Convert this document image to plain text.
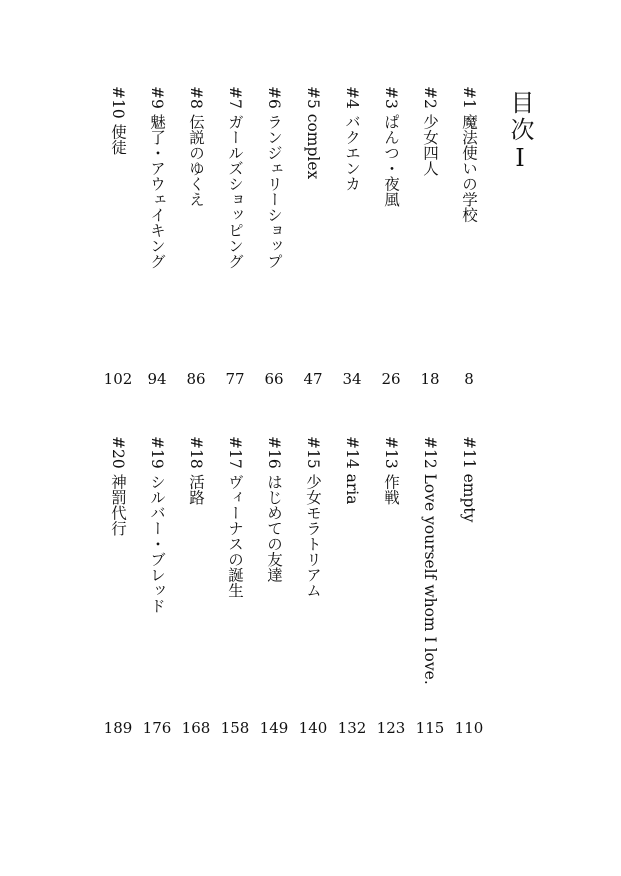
目次Ⅰ
#1 魔法使いの学校
#2 少女四人
#3 ぱんつ・夜風
#4 バクエンカ
#5 complex
#6 ランジェリーショップ
#7 ガールズショッピング
#8 伝説のゆくえ
#9 魅了・アウェイキング
#10 使徒
8
18
26
34
47
66
77
86
94
102
#11 empty
#12 Love yourself whom I love.
#13 作戦
#14 aria
#15 少女モラトリアム
#16 はじめての友達
#17 ヴィーナスの誕生
#18 活路
#19 シルバー・ブレッド
#20 神罰代行
110
115
123
132
140
149
158
168
176
189
